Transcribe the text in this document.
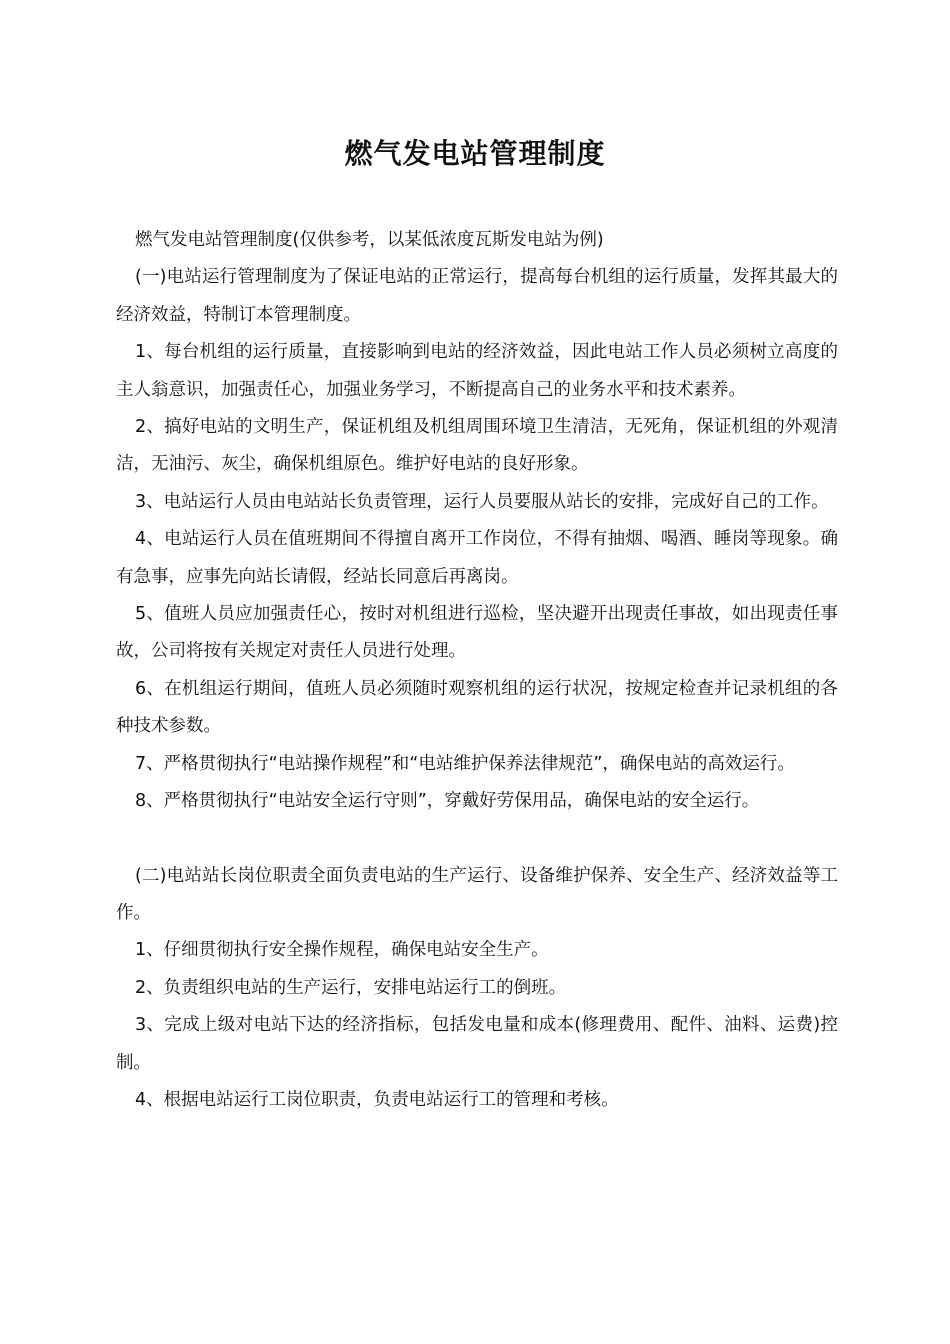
燃气发电站管理制度

燃气发电站管理制度(仅供参考，以某低浓度瓦斯发电站为例)

(一)电站运行管理制度为了保证电站的正常运行，提高每台机组的运行质量，发挥其最大的经济效益，特制订本管理制度。

1、每台机组的运行质量，直接影响到电站的经济效益，因此电站工作人员必须树立高度的主人翁意识，加强责任心，加强业务学习，不断提高自己的业务水平和技术素养。

2、搞好电站的文明生产，保证机组及机组周围环境卫生清洁，无死角，保证机组的外观清洁，无油污、灰尘，确保机组原色。维护好电站的良好形象。

3、电站运行人员由电站站长负责管理，运行人员要服从站长的安排，完成好自己的工作。

4、电站运行人员在值班期间不得擅自离开工作岗位，不得有抽烟、喝酒、睡岗等现象。确有急事，应事先向站长请假，经站长同意后再离岗。

5、值班人员应加强责任心，按时对机组进行巡检，坚决避开出现责任事故，如出现责任事故，公司将按有关规定对责任人员进行处理。

6、在机组运行期间，值班人员必须随时观察机组的运行状况，按规定检查并记录机组的各种技术参数。

7、严格贯彻执行“电站操作规程”和“电站维护保养法律规范”，确保电站的高效运行。

8、严格贯彻执行“电站安全运行守则”，穿戴好劳保用品，确保电站的安全运行。

(二)电站站长岗位职责全面负责电站的生产运行、设备维护保养、安全生产、经济效益等工作。

1、仔细贯彻执行安全操作规程，确保电站安全生产。

2、负责组织电站的生产运行，安排电站运行工的倒班。

3、完成上级对电站下达的经济指标，包括发电量和成本(修理费用、配件、油料、运费)控制。

4、根据电站运行工岗位职责，负责电站运行工的管理和考核。
